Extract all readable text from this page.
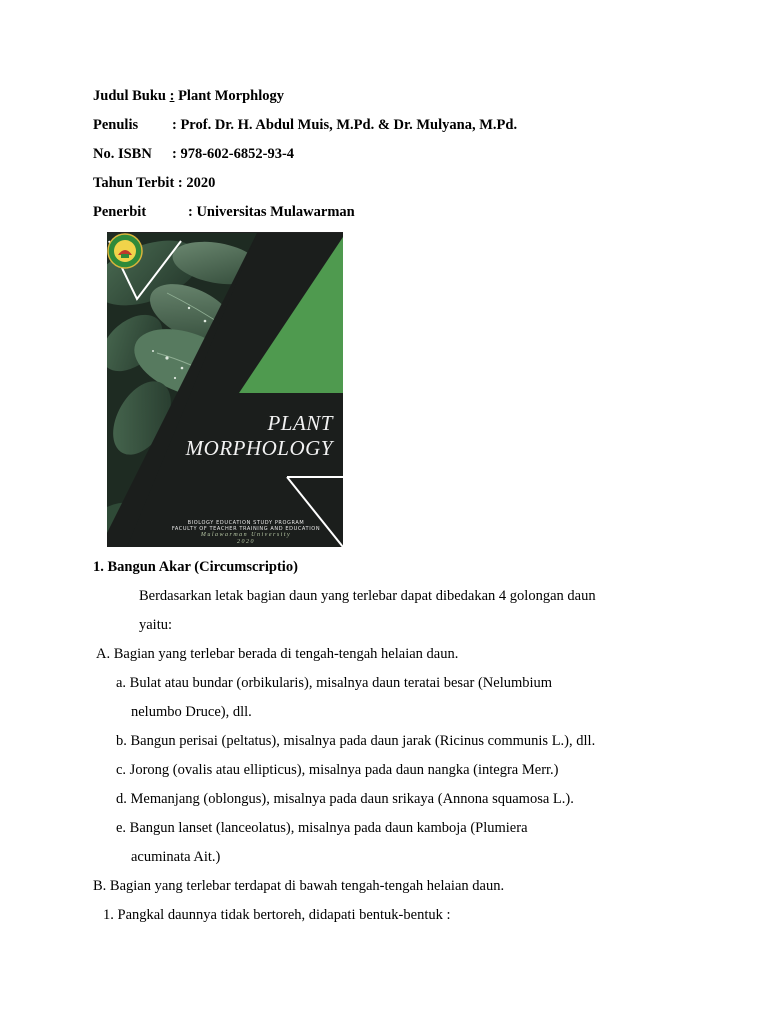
Judul Buku : Plant Morphlogy
Penulis : Prof. Dr. H. Abdul Muis, M.Pd. & Dr. Mulyana, M.Pd.
No. ISBN : 978-602-6852-93-4
Tahun Terbit : 2020
Penerbit	: Universitas Mulawarman
PLANT
MORPHOLOGY
BIOLOGY EDUCATION STUDY PROGRAM
FACULTY OF TEACHER TRAINING AND EDUCATION
Mulawarman University
2020
1. Bangun Akar (Circumscriptio)
Berdasarkan letak bagian daun yang terlebar dapat dibedakan 4 golongan daun
yaitu:
A. Bagian yang terlebar berada di tengah-tengah helaian daun.
a. Bulat atau bundar (orbikularis), misalnya daun teratai besar (Nelumbium
nelumbo Druce), dll.
b. Bangun perisai (peltatus), misalnya pada daun jarak (Ricinus communis L.), dll.
c. Jorong (ovalis atau ellipticus), misalnya pada daun nangka (integra Merr.)
d. Memanjang (oblongus), misalnya pada daun srikaya (Annona squamosa L.).
e. Bangun lanset (lanceolatus), misalnya pada daun kamboja (Plumiera
acuminata Ait.)
B. Bagian yang terlebar terdapat di bawah tengah-tengah helaian daun.
1. Pangkal daunnya tidak bertoreh, didapati bentuk-bentuk :
